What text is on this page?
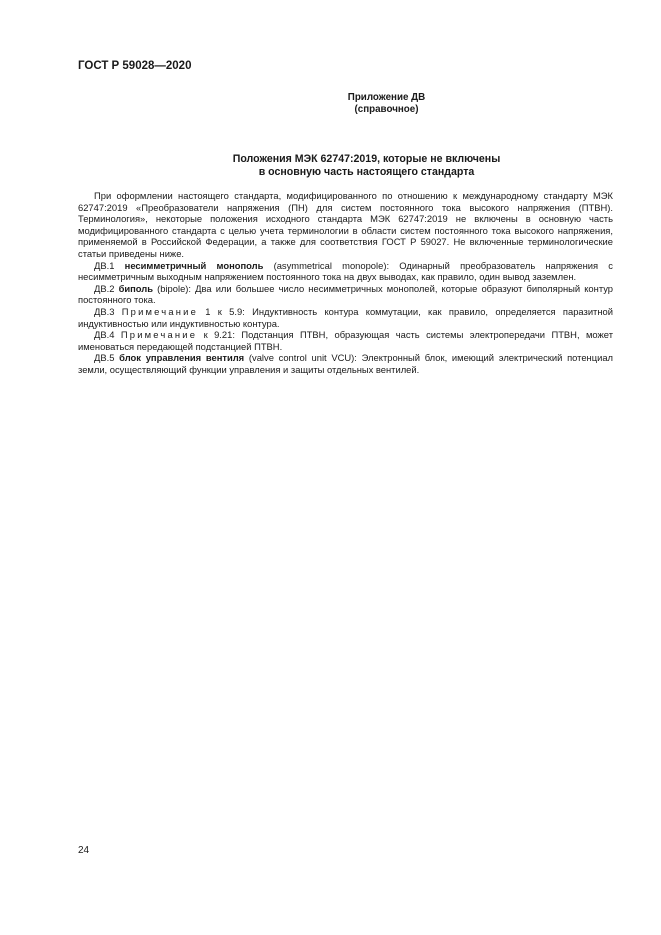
ГОСТ Р 59028—2020
Приложение ДВ
(справочное)
Положения МЭК 62747:2019, которые не включены
в основную часть настоящего стандарта

При оформлении настоящего стандарта, модифицированного по отношению к международному стандарту МЭК 62747:2019 «Преобразователи напряжения (ПН) для систем постоянного тока высокого напряжения (ПТВН). Терминология», некоторые положения исходного стандарта МЭК 62747:2019 не включены в основную часть модифицированного стандарта с целью учета терминологии в области систем постоянного тока высокого напряжения, применяемой в Российской Федерации, а также для соответствия ГОСТ Р 59027. Не включенные терминологические статьи приведены ниже.

ДВ.1 несимметричный монополь (asymmetrical monopole): Одинарный преобразователь напряжения с несимметричным выходным напряжением постоянного тока на двух выводах, как правило, один вывод заземлен.

ДВ.2 биполь (bipole): Два или большее число несимметричных монополей, которые образуют биполярный контур постоянного тока.

ДВ.3 Примечание 1 к 5.9: Индуктивность контура коммутации, как правило, определяется паразитной индуктивностью или индуктивностью контура.

ДВ.4 Примечание к 9.21: Подстанция ПТВН, образующая часть системы электропередачи ПТВН, может именоваться передающей подстанцией ПТВН.

ДВ.5 блок управления вентиля (valve control unit VCU): Электронный блок, имеющий электрический потенциал земли, осуществляющий функции управления и защиты отдельных вентилей.

24
